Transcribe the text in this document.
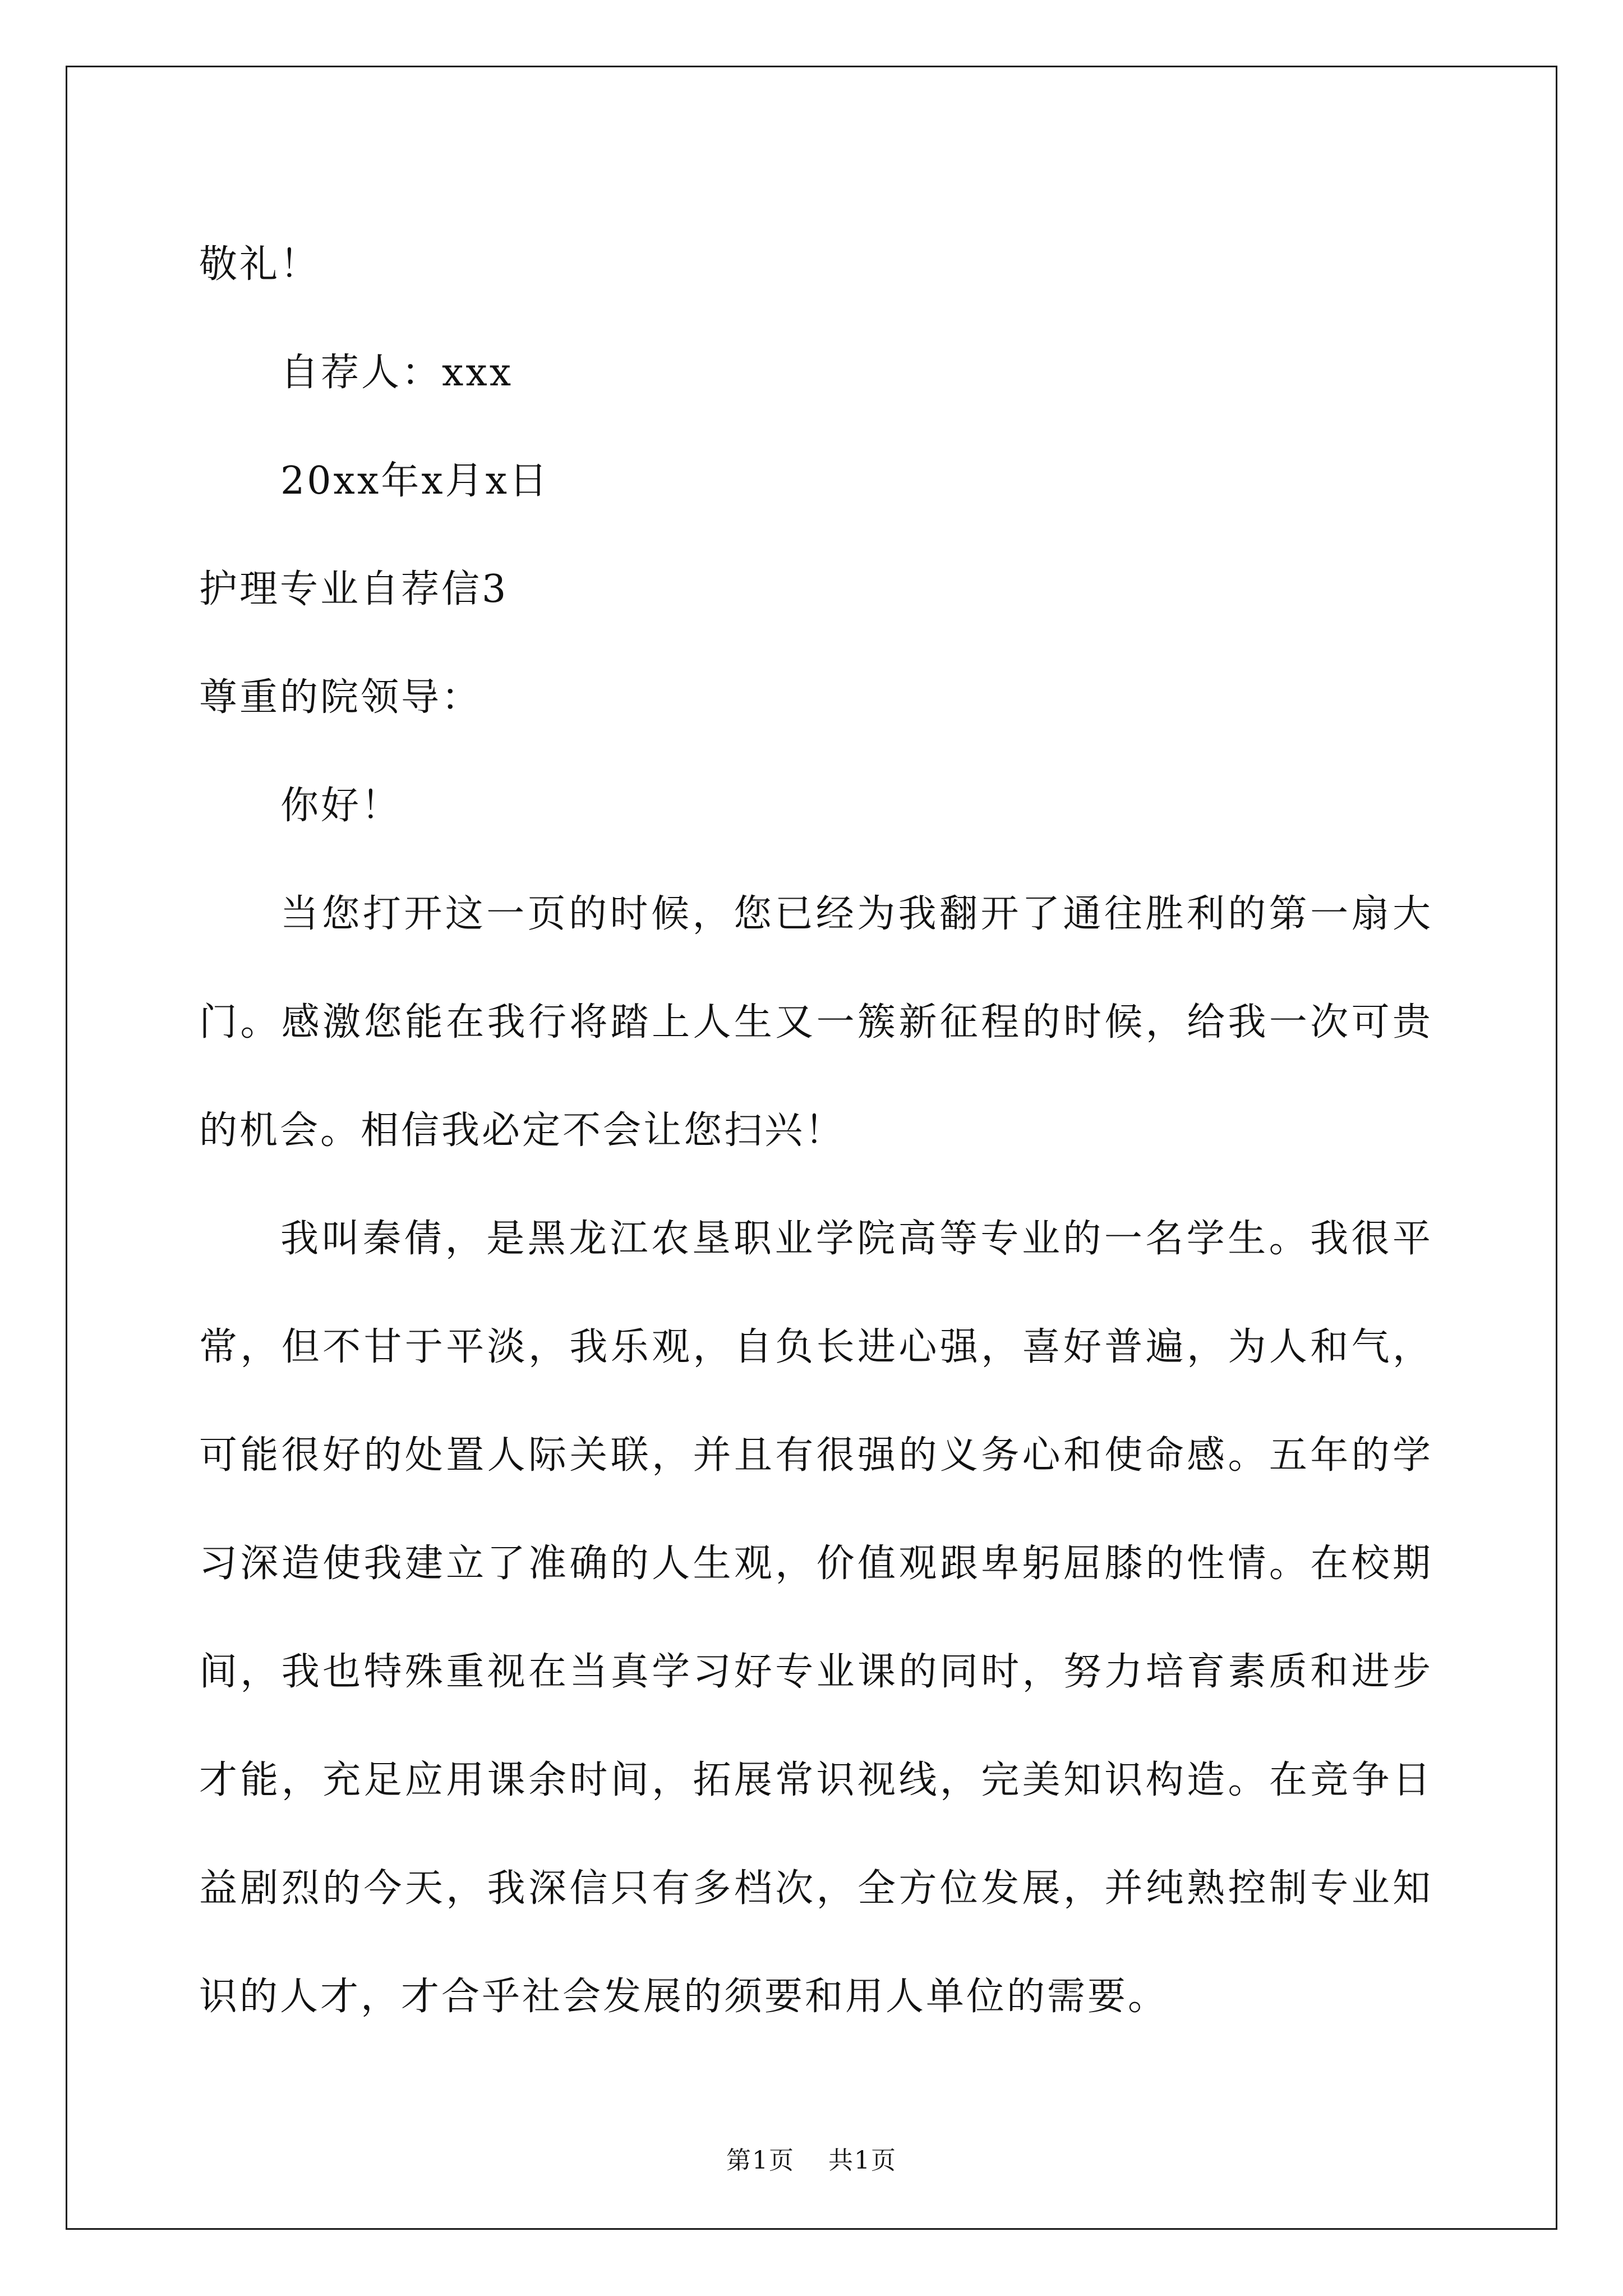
敬礼！
自荐人：xxx
20xx年x月x日
护理专业自荐信3
尊重的院领导：
你好！
当您打开这一页的时候，您已经为我翻开了通往胜利的第一扇大门。感激您能在我行将踏上人生又一簇新征程的时候，给我一次可贵的机会。相信我必定不会让您扫兴！
我叫秦倩，是黑龙江农垦职业学院高等专业的一名学生。我很平常，但不甘于平淡，我乐观，自负长进心强，喜好普遍，为人和气，可能很好的处置人际关联，并且有很强的义务心和使命感。五年的学习深造使我建立了准确的人生观，价值观跟卑躬屈膝的性情。在校期间，我也特殊重视在当真学习好专业课的同时，努力培育素质和进步才能，充足应用课余时间，拓展常识视线，完美知识构造。在竞争日益剧烈的今天，我深信只有多档次，全方位发展，并纯熟控制专业知识的人才，才合乎社会发展的须要和用人单位的需要。
第1页 共1页
